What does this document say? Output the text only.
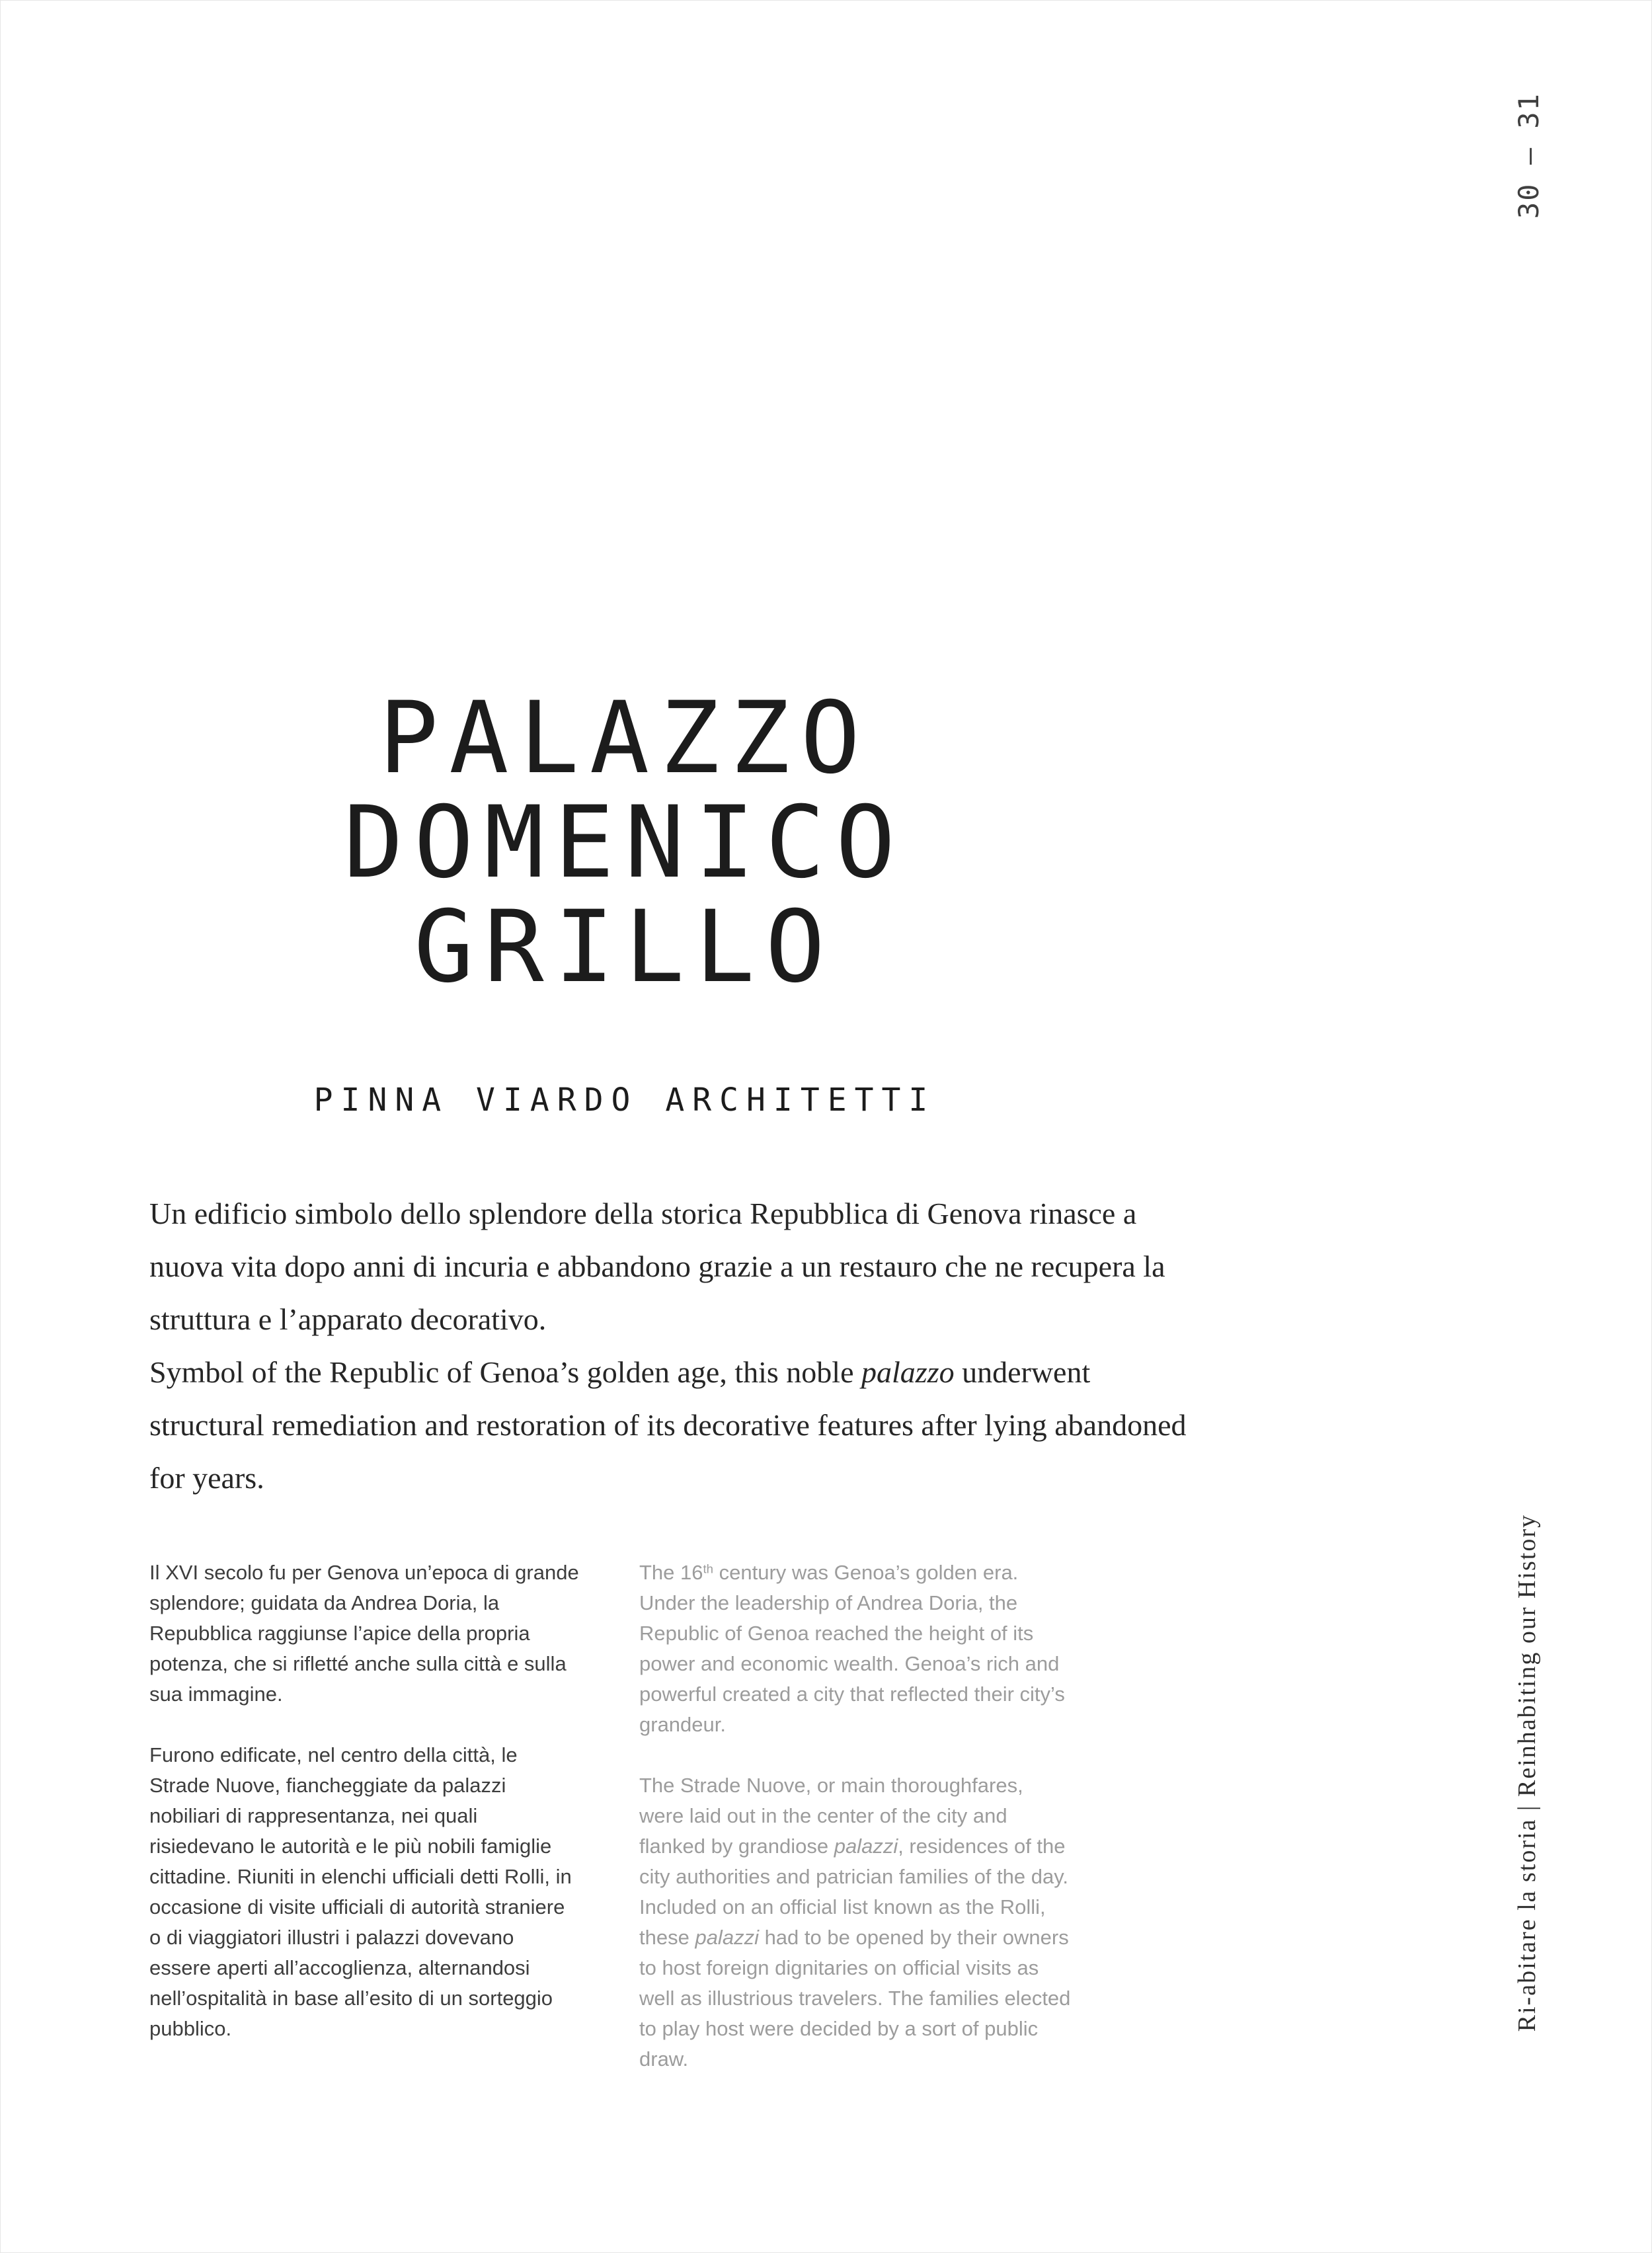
30 — 31
PALAZZO
DOMENICO
GRILLO
PINNA VIARDO ARCHITETTI

Un edificio simbolo dello splendore della storica Repubblica di Genova rinasce a nuova vita dopo anni di incuria e abbandono grazie a un restauro che ne recupera la struttura e l’apparato decorativo.

Symbol of the Republic of Genoa’s golden age, this noble palazzo underwent structural remediation and restoration of its decorative features after lying abandoned for years.

Il XVI secolo fu per Genova un’epoca di grande splendore; guidata da Andrea Doria, la Repubblica raggiunse l’apice della propria potenza, che si rifletté anche sulla città e sulla sua immagine.

Furono edificate, nel centro della città, le Strade Nuove, fiancheggiate da palazzi nobiliari di rappresentanza, nei quali risiedevano le autorità e le più nobili famiglie cittadine. Riuniti in elenchi ufficiali detti Rolli, in occasione di visite ufficiali di autorità straniere o di viaggiatori illustri i palazzi dovevano essere aperti all’accoglienza, alternandosi nell’ospitalità in base all’esito di un sorteggio pubblico.

The 16th century was Genoa’s golden era. Under the leadership of Andrea Doria, the Republic of Genoa reached the height of its power and economic wealth. Genoa’s rich and powerful created a city that reflected their city’s grandeur.

The Strade Nuove, or main thoroughfares, were laid out in the center of the city and flanked by grandiose palazzi, residences of the city authorities and patrician families of the day. Included on an official list known as the Rolli, these palazzi had to be opened by their owners to host foreign dignitaries on official visits as well as illustrious travelers. The families elected to play host were decided by a sort of public draw.

Ri-abitare la storia | Reinhabiting our History
